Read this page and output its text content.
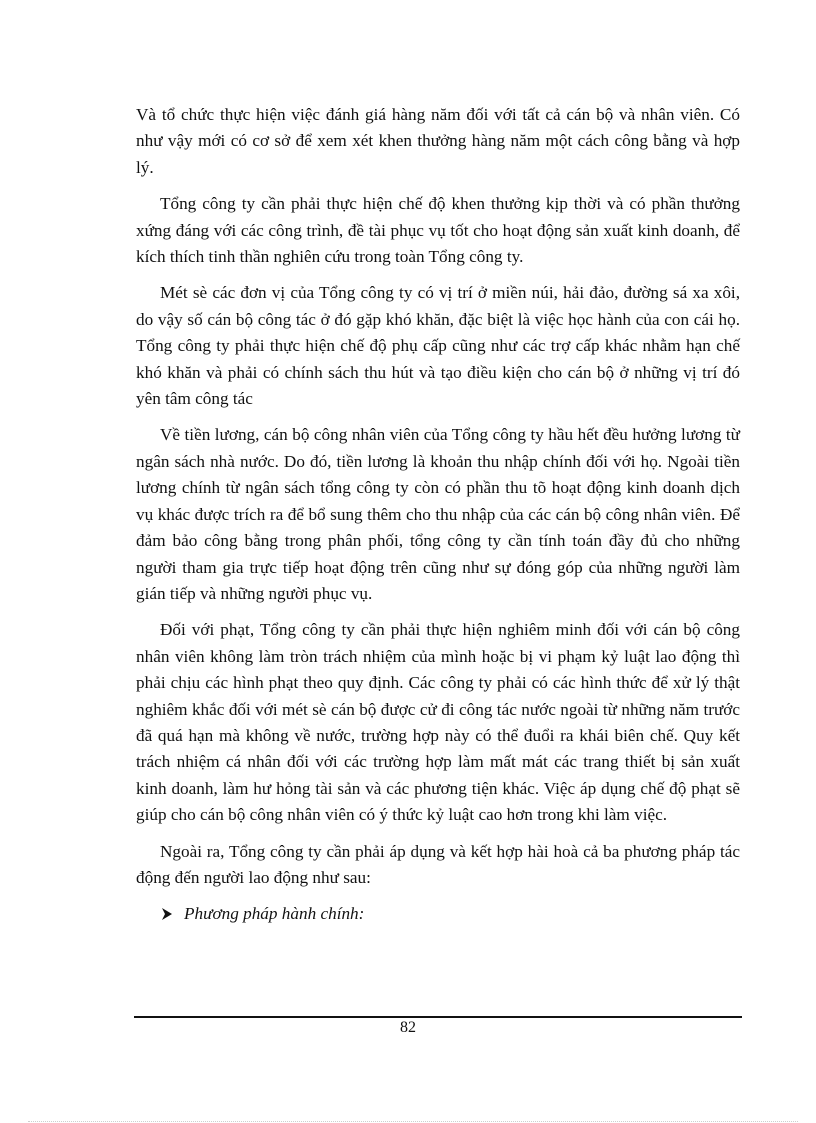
Và tổ chức thực hiện việc đánh giá hàng năm đối với tất cả cán bộ và nhân viên. Có như vậy mới có cơ sở để xem xét khen thưởng hàng năm một cách công bằng và hợp lý.

Tổng công ty cần phải thực hiện chế độ khen thưởng kịp thời và có phần thưởng xứng đáng với các công trình, đề tài phục vụ tốt cho hoạt động sản xuất kinh doanh, để kích thích tinh thần nghiên cứu trong toàn Tổng công ty.

Mét sè các đơn vị của Tổng công ty có vị trí ở miền núi, hải đảo, đường sá xa xôi, do vậy số cán bộ công tác ở đó gặp khó khăn, đặc biệt là việc học hành của con cái họ. Tổng công ty phải thực hiện chế độ phụ cấp cũng như các trợ cấp khác nhằm hạn chế khó khăn và phải có chính sách thu hút và tạo điều kiện cho cán bộ ở những vị trí đó yên tâm công tác

Về tiền lương, cán bộ công nhân viên của Tổng công ty hầu hết đều hưởng lương từ ngân sách nhà nước. Do đó, tiền lương là khoản thu nhập chính đối với họ. Ngoài tiền lương chính từ ngân sách tổng công ty còn có phần thu tõ hoạt động kinh doanh dịch vụ khác được trích ra để bổ sung thêm cho thu nhập của các cán bộ công nhân viên. Để đảm bảo công bằng trong phân phối, tổng công ty cần tính toán đầy đủ cho những người tham gia trực tiếp hoạt động trên cũng như sự đóng góp của những người làm gián tiếp và những người phục vụ.

Đối với phạt, Tổng công ty cần phải thực hiện nghiêm minh đối với cán bộ công nhân viên không làm tròn trách nhiệm của mình hoặc bị vi phạm kỷ luật lao động thì phải chịu các hình phạt theo quy định. Các công ty phải có các hình thức để xử lý thật nghiêm khắc đối với mét sè cán bộ được cử đi công tác nước ngoài từ những năm trước đã quá hạn mà không về nước, trường hợp này có thể đuổi ra khái biên chế. Quy kết trách nhiệm cá nhân đối với các trường hợp làm mất mát các trang thiết bị sản xuất kinh doanh, làm hư hỏng tài sản và các phương tiện khác. Việc áp dụng chế độ phạt sẽ giúp cho cán bộ công nhân viên có ý thức kỷ luật cao hơn trong khi làm việc.

Ngoài ra, Tổng công ty cần phải áp dụng và kết hợp hài hoà cả ba phương pháp tác động đến người lao động như sau:

Phương pháp hành chính:
82
